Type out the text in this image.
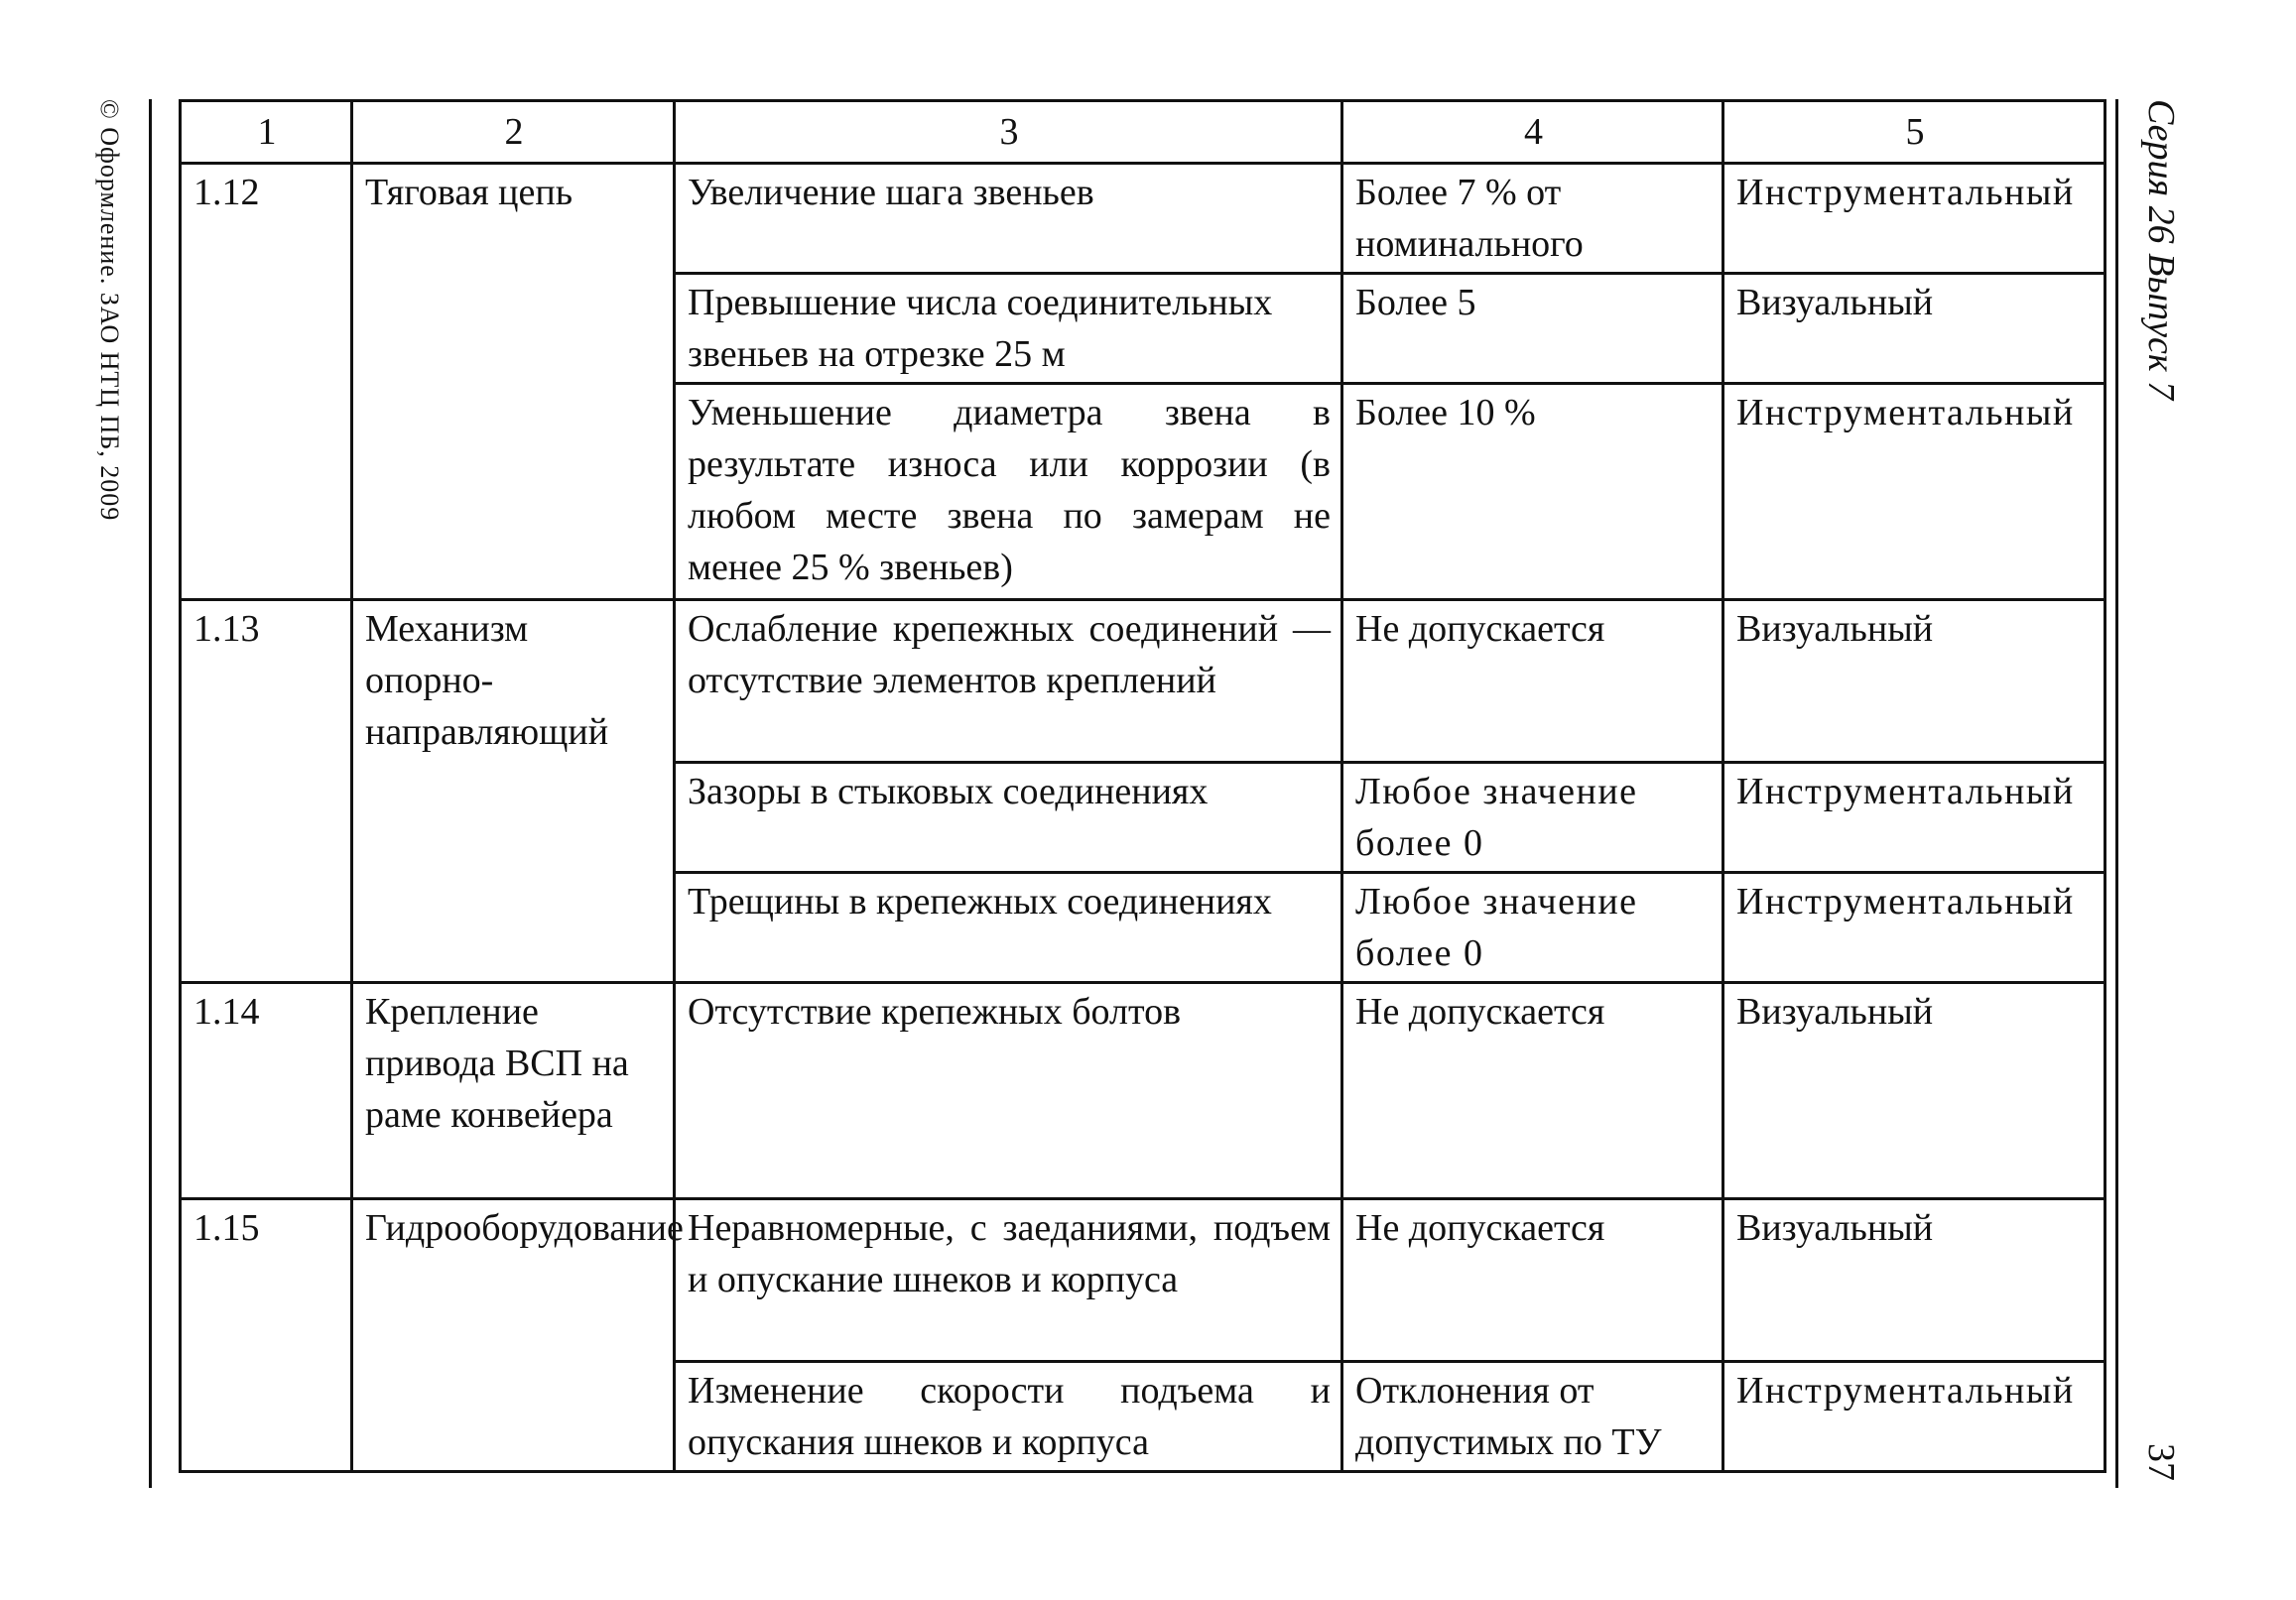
© Оформление. ЗАО НТЦ ПБ, 2009	Серия 26 Выпуск 7
37
1	2	3	4	5
1.12	Тяговая цепь	Увеличение шага звеньев	Более 7 % от номинального	Инструментальный
		Превышение числа соединительных звеньев на отрезке 25 м	Более 5	Визуальный
		Уменьшение диаметра звена в результате износа или коррозии (в любом месте звена по замерам не менее 25 % звеньев)	Более 10 %	Инструментальный
1.13	Механизм опорно-направляющий	Ослабление крепежных соединений — отсутствие элементов креплений	Не допускается	Визуальный
		Зазоры в стыковых соединениях	Любое значение более 0	Инструментальный
		Трещины в крепежных соединениях	Любое значение более 0	Инструментальный
1.14	Крепление привода ВСП на раме конвейера	Отсутствие крепежных болтов	Не допускается	Визуальный
1.15	Гидрооборудование	Неравномерные, с заеданиями, подъем и опускание шнеков и корпуса	Не допускается	Визуальный
		Изменение скорости подъема и опускания шнеков и корпуса	Отклонения от допустимых по ТУ	Инструментальный
